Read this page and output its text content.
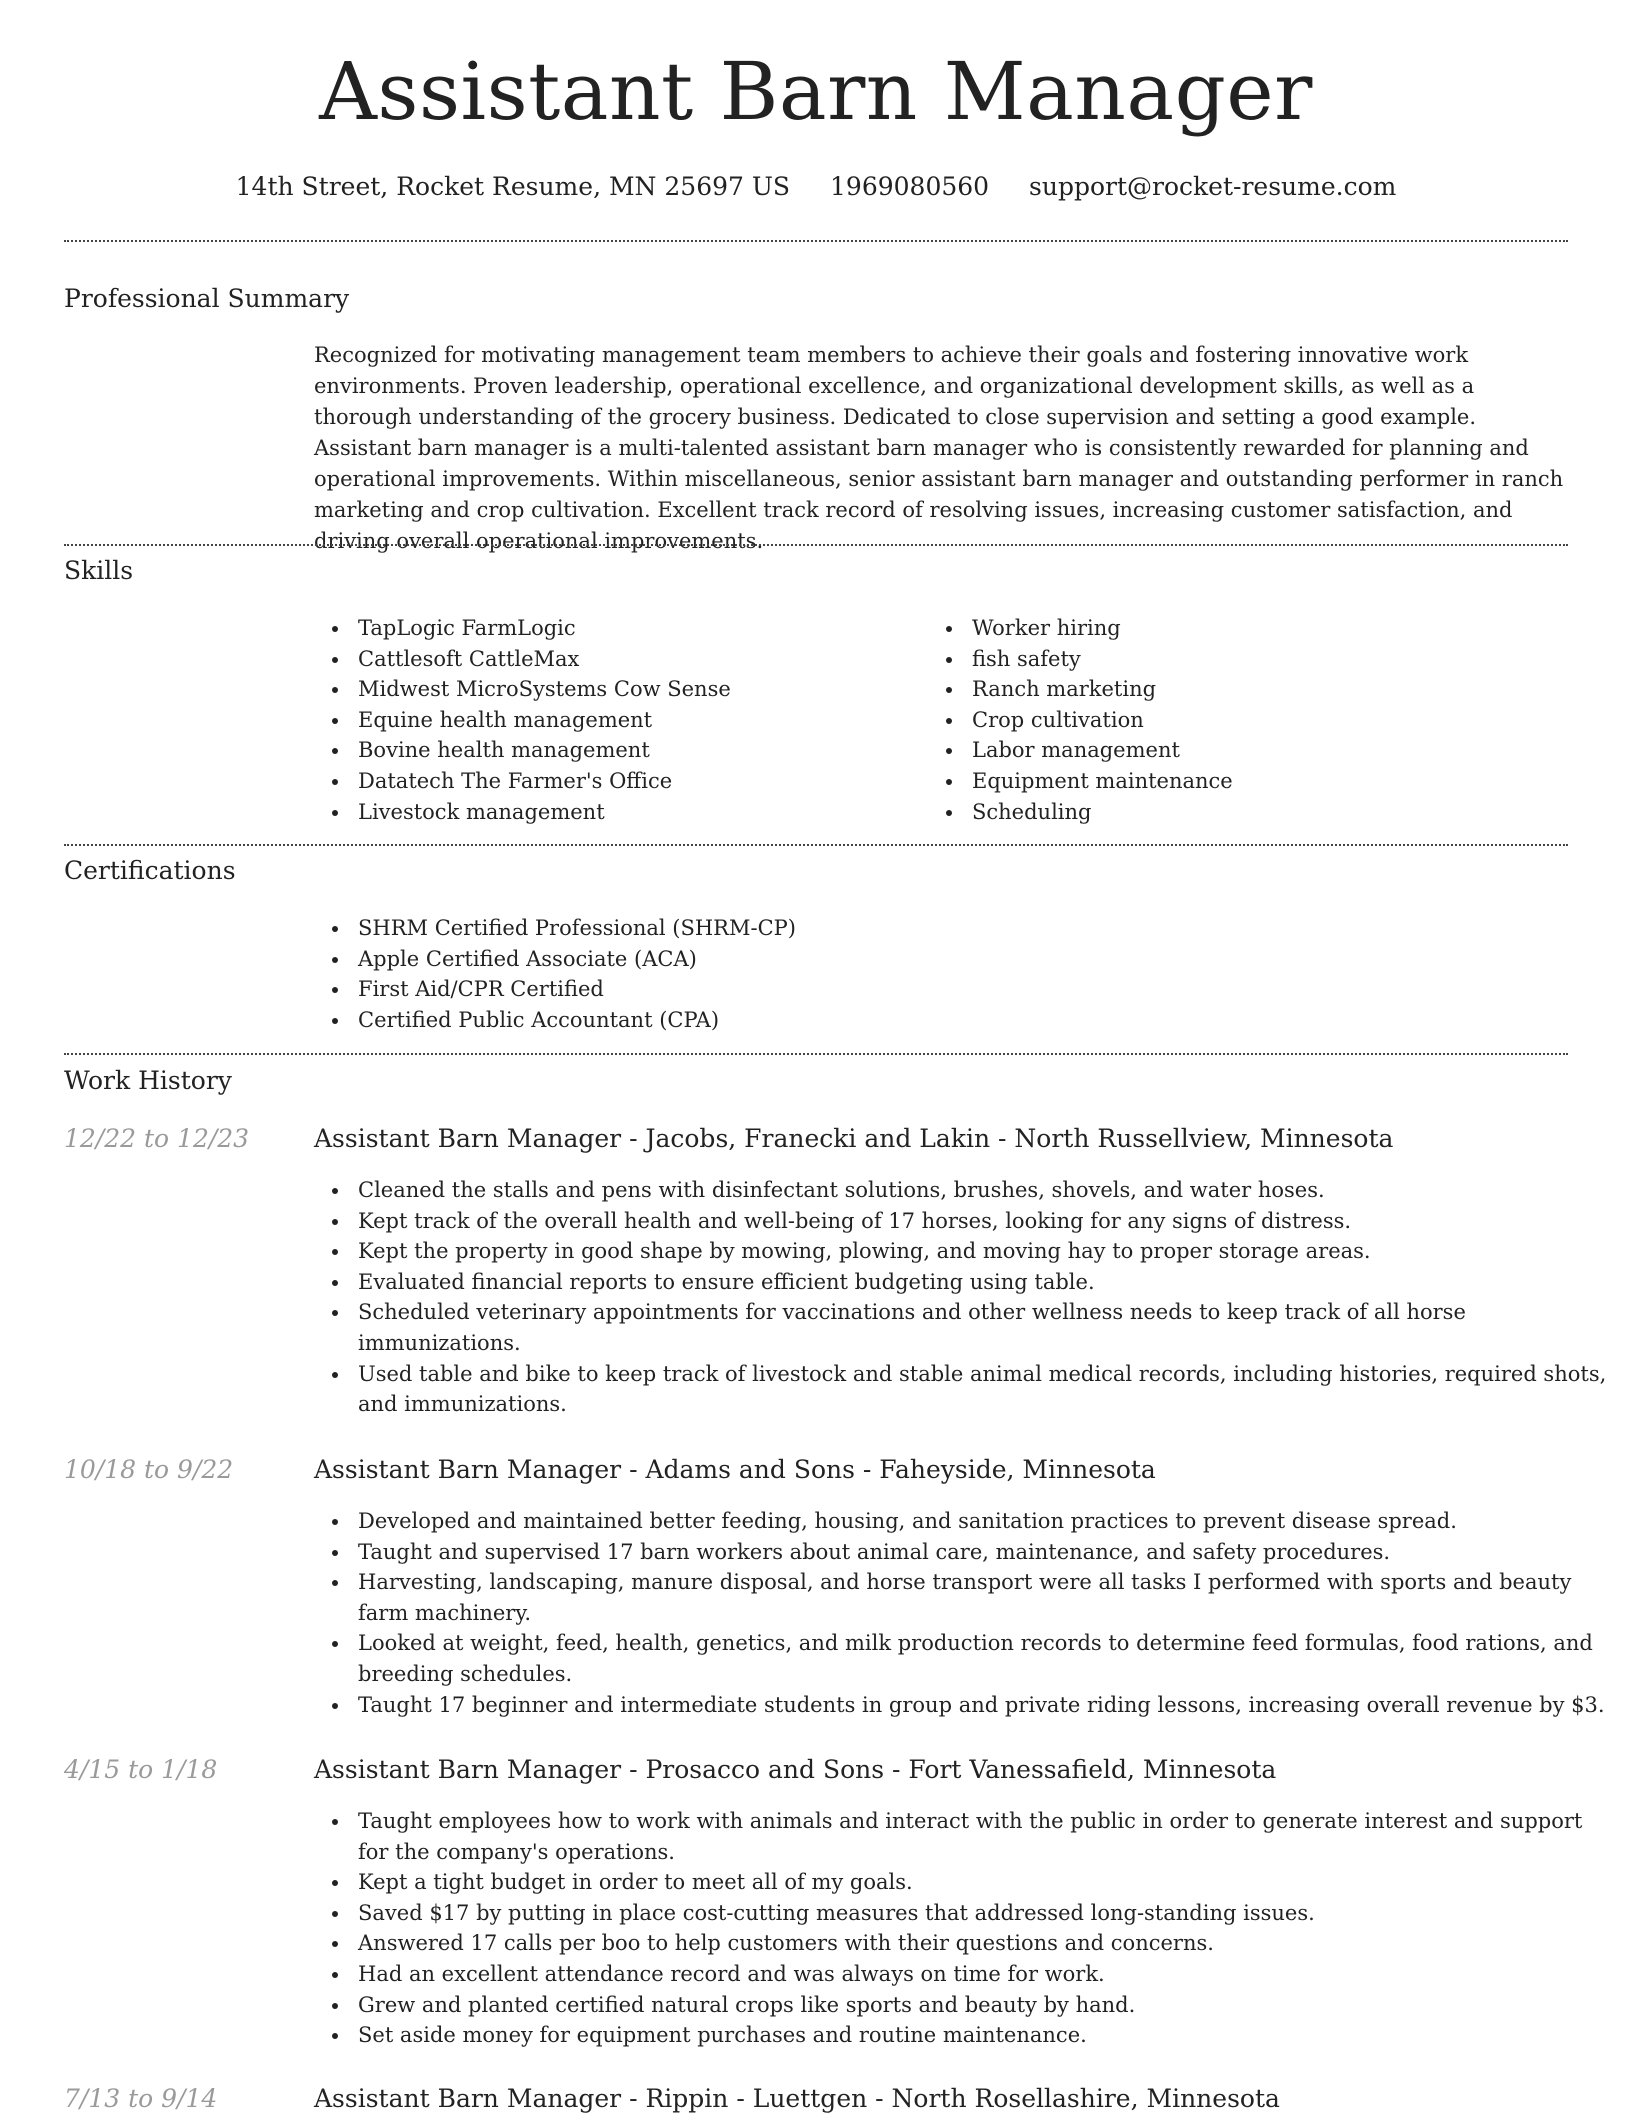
Assistant Barn Manager
14th Street, Rocket Resume, MN 25697 US 1969080560 support@rocket-resume.com
Professional Summary

Recognized for motivating management team members to achieve their goals and fostering innovative work environments. Proven leadership, operational excellence, and organizational development skills, as well as a thorough understanding of the grocery business. Dedicated to close supervision and setting a good example. Assistant barn manager is a multi-talented assistant barn manager who is consistently rewarded for planning and operational improvements. Within miscellaneous, senior assistant barn manager and outstanding performer in ranch marketing and crop cultivation. Excellent track record of resolving issues, increasing customer satisfaction, and driving overall operational improvements.

Skills
TapLogic FarmLogic
Cattlesoft CattleMax
Midwest MicroSystems Cow Sense
Equine health management
Bovine health management
Datatech The Farmer's Office
Livestock management
Worker hiring
fish safety
Ranch marketing
Crop cultivation
Labor management
Equipment maintenance
Scheduling
Certifications
SHRM Certified Professional (SHRM-CP)
Apple Certified Associate (ACA)
First Aid/CPR Certified
Certified Public Accountant (CPA)
Work History
12/22 to 12/23	Assistant Barn Manager - Jacobs, Franecki and Lakin - North Russellview, Minnesota
Cleaned the stalls and pens with disinfectant solutions, brushes, shovels, and water hoses.
Kept track of the overall health and well-being of 17 horses, looking for any signs of distress.
Kept the property in good shape by mowing, plowing, and moving hay to proper storage areas.
Evaluated financial reports to ensure efficient budgeting using table.
Scheduled veterinary appointments for vaccinations and other wellness needs to keep track of all horse immunizations.
Used table and bike to keep track of livestock and stable animal medical records, including histories, required shots, and immunizations.
10/18 to 9/22	Assistant Barn Manager - Adams and Sons - Faheyside, Minnesota
Developed and maintained better feeding, housing, and sanitation practices to prevent disease spread.
Taught and supervised 17 barn workers about animal care, maintenance, and safety procedures.
Harvesting, landscaping, manure disposal, and horse transport were all tasks I performed with sports and beauty farm machinery.
Looked at weight, feed, health, genetics, and milk production records to determine feed formulas, food rations, and breeding schedules.
Taught 17 beginner and intermediate students in group and private riding lessons, increasing overall revenue by $3.
4/15 to 1/18	Assistant Barn Manager - Prosacco and Sons - Fort Vanessafield, Minnesota
Taught employees how to work with animals and interact with the public in order to generate interest and support for the company's operations.
Kept a tight budget in order to meet all of my goals.
Saved $17 by putting in place cost-cutting measures that addressed long-standing issues.
Answered 17 calls per boo to help customers with their questions and concerns.
Had an excellent attendance record and was always on time for work.
Grew and planted certified natural crops like sports and beauty by hand.
Set aside money for equipment purchases and routine maintenance.
7/13 to 9/14	Assistant Barn Manager - Rippin - Luettgen - North Rosellashire, Minnesota
